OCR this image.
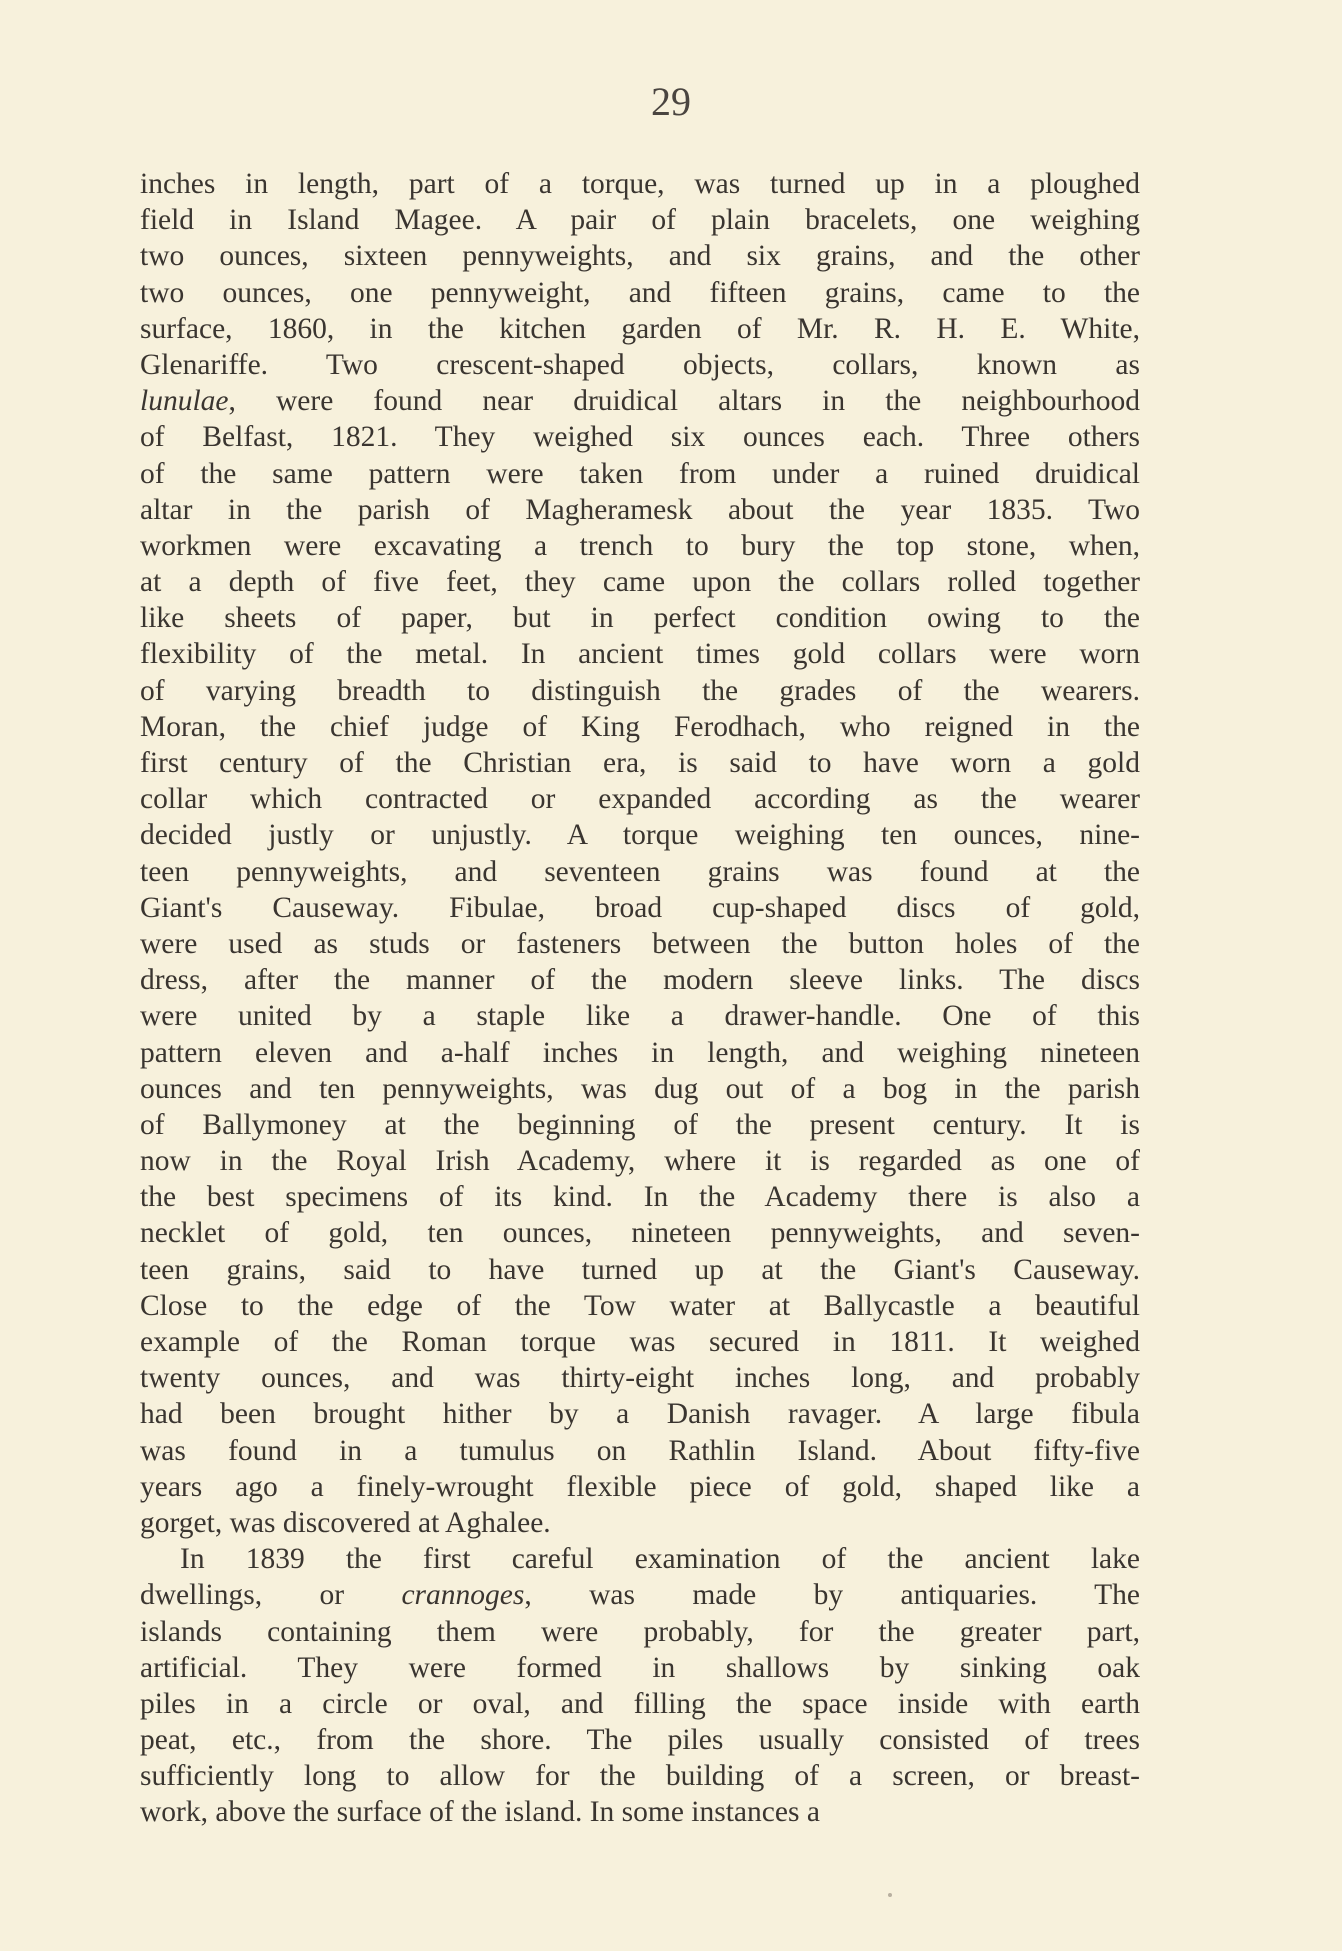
29
inches in length, part of a torque, was turned up in a ploughed
field in Island Magee. A pair of plain bracelets, one weighing
two ounces, sixteen pennyweights, and six grains, and the other
two ounces, one pennyweight, and fifteen grains, came to the
surface, 1860, in the kitchen garden of Mr. R. H. E. White,
Glenariffe. Two crescent-shaped objects, collars, known as
lunulae, were found near druidical altars in the neighbourhood
of Belfast, 1821. They weighed six ounces each. Three others
of the same pattern were taken from under a ruined druidical
altar in the parish of Magheramesk about the year 1835. Two
workmen were excavating a trench to bury the top stone, when,
at a depth of five feet, they came upon the collars rolled together
like sheets of paper, but in perfect condition owing to the
flexibility of the metal. In ancient times gold collars were worn
of varying breadth to distinguish the grades of the wearers.
Moran, the chief judge of King Ferodhach, who reigned in the
first century of the Christian era, is said to have worn a gold
collar which contracted or expanded according as the wearer
decided justly or unjustly. A torque weighing ten ounces, nine-
teen pennyweights, and seventeen grains was found at the
Giant's Causeway. Fibulae, broad cup-shaped discs of gold,
were used as studs or fasteners between the button holes of the
dress, after the manner of the modern sleeve links. The discs
were united by a staple like a drawer-handle. One of this
pattern eleven and a-half inches in length, and weighing nineteen
ounces and ten pennyweights, was dug out of a bog in the parish
of Ballymoney at the beginning of the present century. It is
now in the Royal Irish Academy, where it is regarded as one of
the best specimens of its kind. In the Academy there is also a
necklet of gold, ten ounces, nineteen pennyweights, and seven-
teen grains, said to have turned up at the Giant's Causeway.
Close to the edge of the Tow water at Ballycastle a beautiful
example of the Roman torque was secured in 1811. It weighed
twenty ounces, and was thirty-eight inches long, and probably
had been brought hither by a Danish ravager. A large fibula
was found in a tumulus on Rathlin Island. About fifty-five
years ago a finely-wrought flexible piece of gold, shaped like a
gorget, was discovered at Aghalee.
In 1839 the first careful examination of the ancient lake
dwellings, or crannoges, was made by antiquaries. The
islands containing them were probably, for the greater part,
artificial. They were formed in shallows by sinking oak
piles in a circle or oval, and filling the space inside with earth
peat, etc., from the shore. The piles usually consisted of trees
sufficiently long to allow for the building of a screen, or breast-
work, above the surface of the island. In some instances a
